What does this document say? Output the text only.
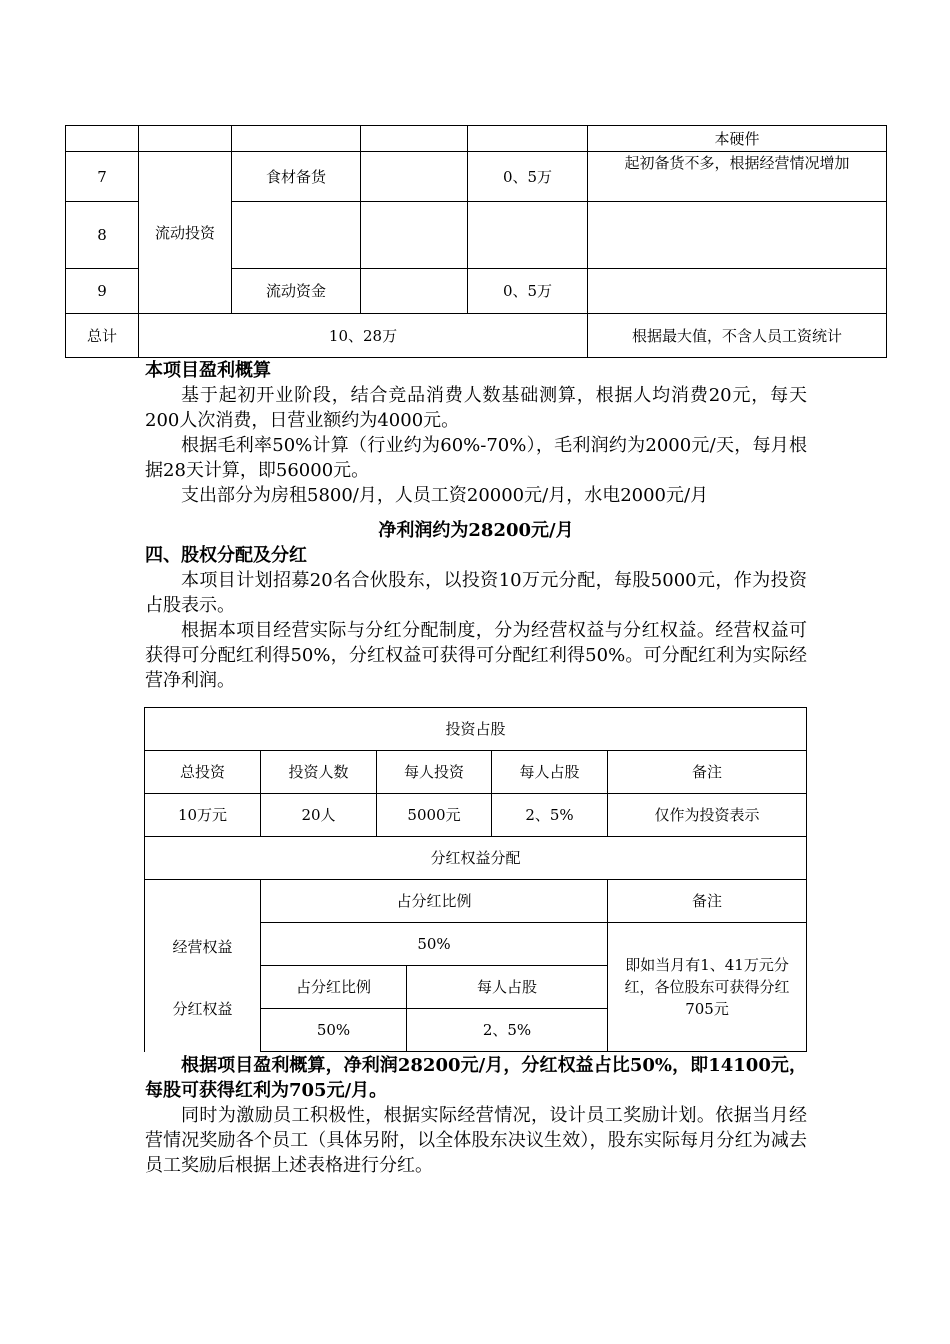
					本硬件
7	流动投资	食材备货		0、5万	起初备货不多，根据经营情况增加
8					
9		流动资金		0、5万	
总计	10、28万				根据最大值，不含人员工资统计
本项目盈利概算
基于起初开业阶段，结合竞品消费人数基础测算，根据人均消费20元，每天200人次消费，日营业额约为4000元。
根据毛利率50%计算（行业约为60%-70%），毛利润约为2000元/天，每月根据28天计算，即56000元。
支出部分为房租5800/月，人员工资20000元/月，水电2000元/月
净利润约为28200元/月
四、股权分配及分红
本项目计划招募20名合伙股东，以投资10万元分配，每股5000元，作为投资占股表示。
根据本项目经营实际与分红分配制度，分为经营权益与分红权益。经营权益可获得可分配红利得50%，分红权益可获得可分配红利得50%。可分配红利为实际经营净利润。
投资占股					
总投资	投资人数	每人投资		每人占股	备注
10万元	20人	5000元		2、5%	仅作为投资表示
分红权益分配					
经营权益	占分红比例				备注
	50%				即如当月有1、41万元分红，各位股东可获得分红705元
分红权益	占分红比例		每人占股		
	50%		2、5%		
根据项目盈利概算，净利润28200元/月，分红权益占比50%，即14100元，每股可获得红利为705元/月。
同时为激励员工积极性，根据实际经营情况，设计员工奖励计划。依据当月经营情况奖励各个员工（具体另附，以全体股东决议生效），股东实际每月分红为减去员工奖励后根据上述表格进行分红。
